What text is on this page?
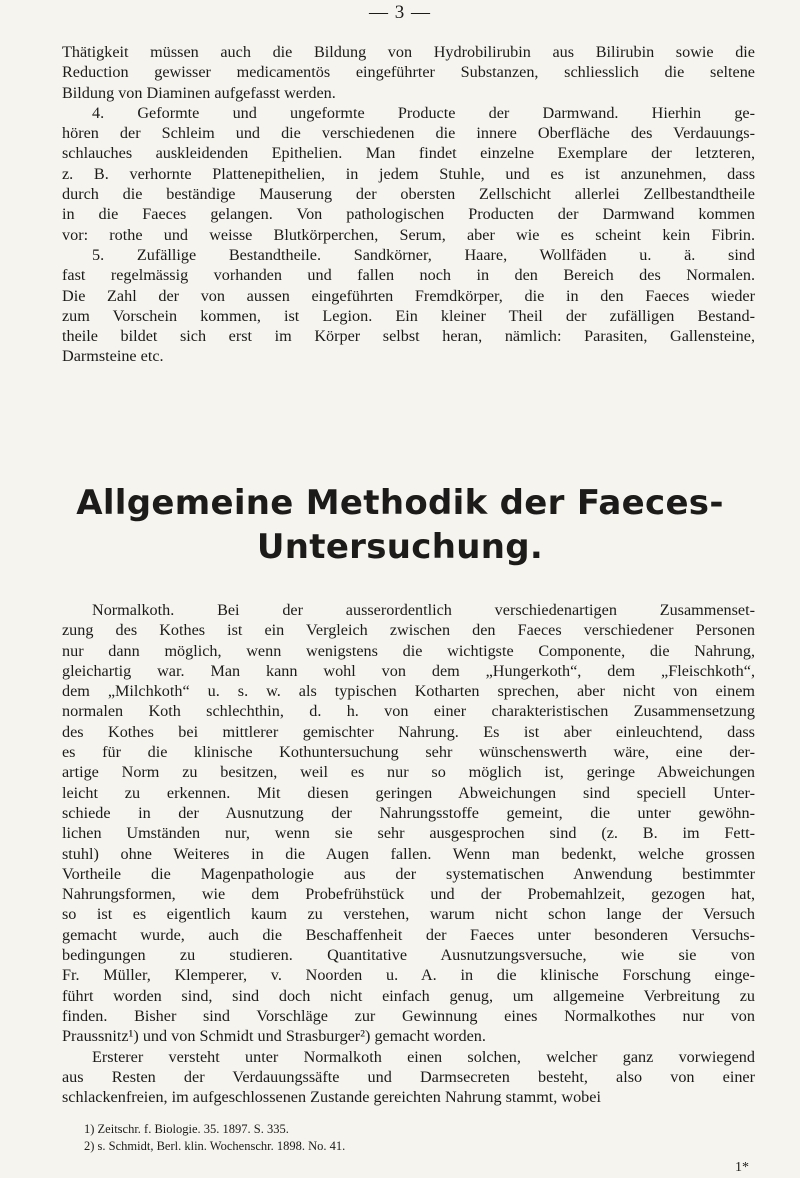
— 3 —
Thätigkeit müssen auch die Bildung von Hydrobilirubin aus Bilirubin sowie die
Reduction gewisser medicamentös eingeführter Substanzen, schliesslich die seltene
Bildung von Diaminen aufgefasst werden.
4. Geformte und ungeformte Producte der Darmwand. Hierhin ge-
hören der Schleim und die verschiedenen die innere Oberfläche des Verdauungs-
schlauches auskleidenden Epithelien. Man findet einzelne Exemplare der letzteren,
z. B. verhornte Plattenepithelien, in jedem Stuhle, und es ist anzunehmen, dass
durch die beständige Mauserung der obersten Zellschicht allerlei Zellbestandtheile
in die Faeces gelangen. Von pathologischen Producten der Darmwand kommen
vor: rothe und weisse Blutkörperchen, Serum, aber wie es scheint kein Fibrin.
5. Zufällige Bestandtheile. Sandkörner, Haare, Wollfäden u. ä. sind
fast regelmässig vorhanden und fallen noch in den Bereich des Normalen.
Die Zahl der von aussen eingeführten Fremdkörper, die in den Faeces wieder
zum Vorschein kommen, ist Legion. Ein kleiner Theil der zufälligen Bestand-
theile bildet sich erst im Körper selbst heran, nämlich: Parasiten, Gallensteine,
Darmsteine etc.
Allgemeine Methodik der Faeces-
Untersuchung.
Normalkoth. Bei der ausserordentlich verschiedenartigen Zusammenset-
zung des Kothes ist ein Vergleich zwischen den Faeces verschiedener Personen
nur dann möglich, wenn wenigstens die wichtigste Componente, die Nahrung,
gleichartig war. Man kann wohl von dem „Hungerkoth“, dem „Fleischkoth“,
dem „Milchkoth“ u. s. w. als typischen Kotharten sprechen, aber nicht von einem
normalen Koth schlechthin, d. h. von einer charakteristischen Zusammensetzung
des Kothes bei mittlerer gemischter Nahrung. Es ist aber einleuchtend, dass
es für die klinische Kothuntersuchung sehr wünschenswerth wäre, eine der-
artige Norm zu besitzen, weil es nur so möglich ist, geringe Abweichungen
leicht zu erkennen. Mit diesen geringen Abweichungen sind speciell Unter-
schiede in der Ausnutzung der Nahrungsstoffe gemeint, die unter gewöhn-
lichen Umständen nur, wenn sie sehr ausgesprochen sind (z. B. im Fett-
stuhl) ohne Weiteres in die Augen fallen. Wenn man bedenkt, welche grossen
Vortheile die Magenpathologie aus der systematischen Anwendung bestimmter
Nahrungsformen, wie dem Probefrühstück und der Probemahlzeit, gezogen hat,
so ist es eigentlich kaum zu verstehen, warum nicht schon lange der Versuch
gemacht wurde, auch die Beschaffenheit der Faeces unter besonderen Versuchs-
bedingungen zu studieren. Quantitative Ausnutzungsversuche, wie sie von
Fr. Müller, Klemperer, v. Noorden u. A. in die klinische Forschung einge-
führt worden sind, sind doch nicht einfach genug, um allgemeine Verbreitung zu
finden. Bisher sind Vorschläge zur Gewinnung eines Normalkothes nur von
Praussnitz¹) und von Schmidt und Strasburger²) gemacht worden.
Ersterer versteht unter Normalkoth einen solchen, welcher ganz vorwiegend
aus Resten der Verdauungssäfte und Darmsecreten besteht, also von einer
schlackenfreien, im aufgeschlossenen Zustande gereichten Nahrung stammt, wobei
1) Zeitschr. f. Biologie. 35. 1897. S. 335.
2) s. Schmidt, Berl. klin. Wochenschr. 1898. No. 41.
1*
